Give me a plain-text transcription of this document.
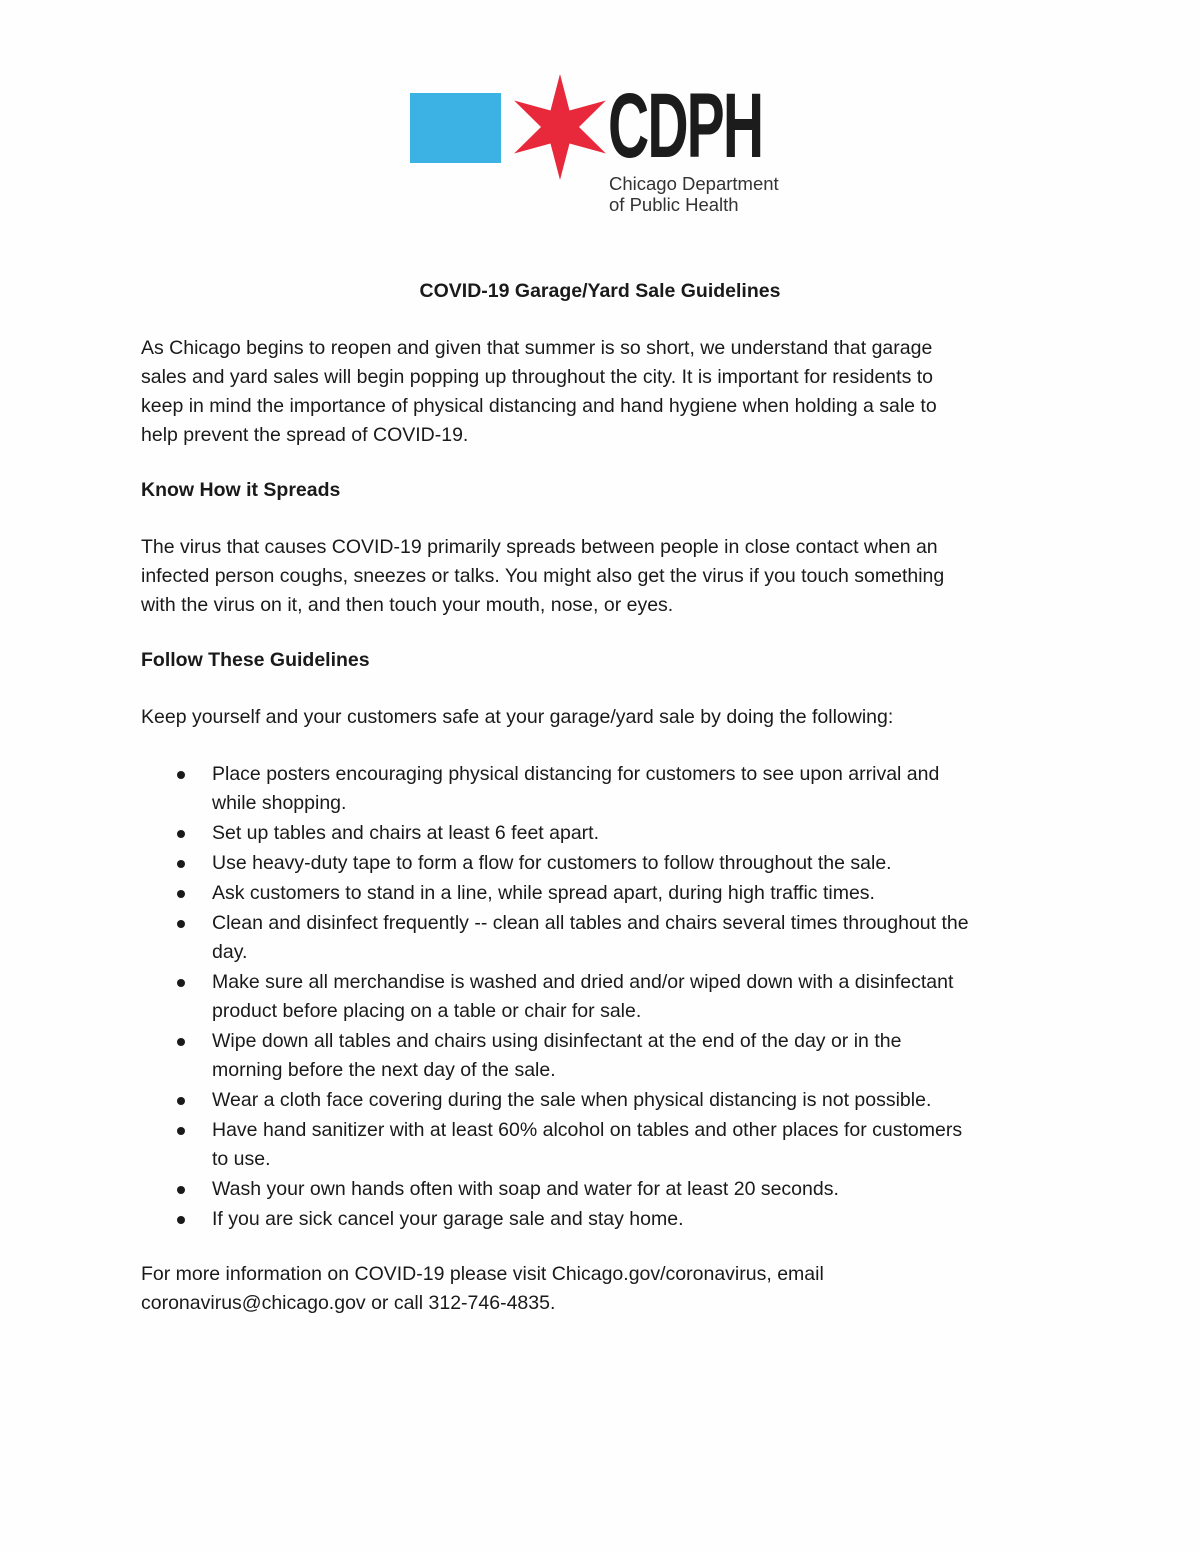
CDPH
Chicago Department
of Public Health
COVID-19 Garage/Yard Sale Guidelines
As Chicago begins to reopen and given that summer is so short, we understand that garage
sales and yard sales will begin popping up throughout the city. It is important for residents to
keep in mind the importance of physical distancing and hand hygiene when holding a sale to
help prevent the spread of COVID-19.
Know How it Spreads
The virus that causes COVID-19 primarily spreads between people in close contact when an
infected person coughs, sneezes or talks. You might also get the virus if you touch something
with the virus on it, and then touch your mouth, nose, or eyes.
Follow These Guidelines
Keep yourself and your customers safe at your garage/yard sale by doing the following:
Place posters encouraging physical distancing for customers to see upon arrival and
while shopping.
Set up tables and chairs at least 6 feet apart.
Use heavy-duty tape to form a flow for customers to follow throughout the sale.
Ask customers to stand in a line, while spread apart, during high traffic times.
Clean and disinfect frequently -- clean all tables and chairs several times throughout the
day.
Make sure all merchandise is washed and dried and/or wiped down with a disinfectant
product before placing on a table or chair for sale.
Wipe down all tables and chairs using disinfectant at the end of the day or in the
morning before the next day of the sale.
Wear a cloth face covering during the sale when physical distancing is not possible.
Have hand sanitizer with at least 60% alcohol on tables and other places for customers
to use.
Wash your own hands often with soap and water for at least 20 seconds.
If you are sick cancel your garage sale and stay home.
For more information on COVID-19 please visit Chicago.gov/coronavirus, email
coronavirus@chicago.gov or call 312-746-4835.
